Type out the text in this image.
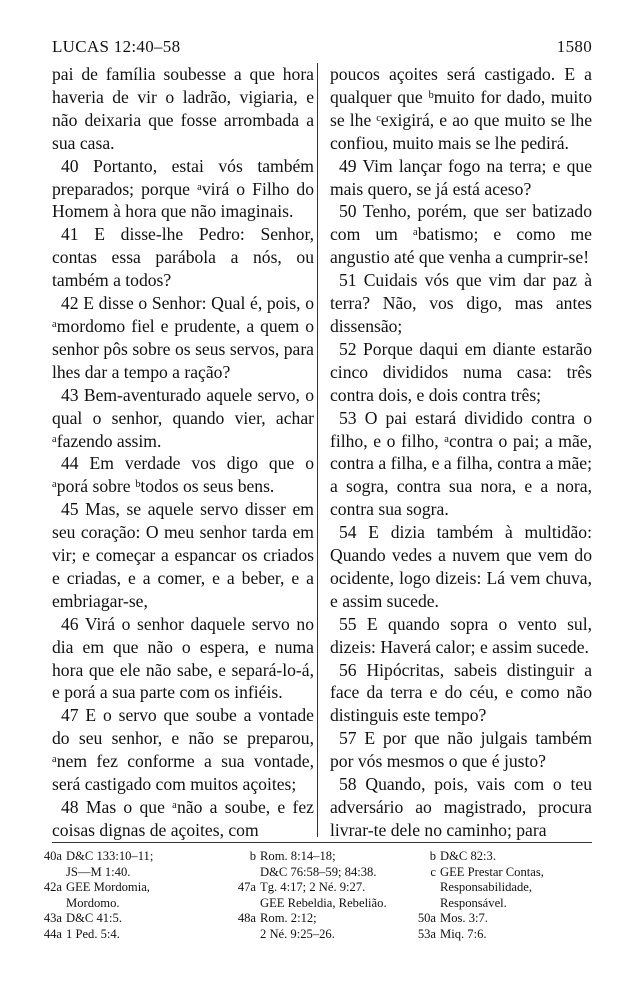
LUCAS 12:40–58	1580

pai de família soubesse a que hora haveria de vir o ladrão, vigiaria, e não deixaria que fosse arrombada a sua casa.

40 Portanto, estai vós também preparados; porque ᵃvirá o Filho do Homem à hora que não imaginais.

41 E disse-lhe Pedro: Senhor, contas essa parábola a nós, ou também a todos?

42 E disse o Senhor: Qual é, pois, o ᵃmordomo fiel e prudente, a quem o senhor pôs sobre os seus servos, para lhes dar a tempo a ração?

43 Bem-aventurado aquele servo, o qual o senhor, quando vier, achar ᵃfazendo assim.

44 Em verdade vos digo que o ᵃporá sobre ᵇtodos os seus bens.

45 Mas, se aquele servo disser em seu coração: O meu senhor tarda em vir; e começar a espancar os criados e criadas, e a comer, e a beber, e a embriagar-se,

46 Virá o senhor daquele servo no dia em que não o espera, e numa hora que ele não sabe, e separá-lo-á, e porá a sua parte com os infiéis.

47 E o servo que soube a vontade do seu senhor, e não se preparou, ᵃnem fez conforme a sua vontade, será castigado com muitos açoites;

48 Mas o que ᵃnão a soube, e fez coisas dignas de açoites, com

poucos açoites será castigado. E a qualquer que ᵇmuito for dado, muito se lhe ᶜexigirá, e ao que muito se lhe confiou, muito mais se lhe pedirá.

49 Vim lançar fogo na terra; e que mais quero, se já está aceso?

50 Tenho, porém, que ser batizado com um ᵃbatismo; e como me angustio até que venha a cumprir-se!

51 Cuidais vós que vim dar paz à terra? Não, vos digo, mas antes dissensão;

52 Porque daqui em diante estarão cinco divididos numa casa: três contra dois, e dois contra três;

53 O pai estará dividido contra o filho, e o filho, ᵃcontra o pai; a mãe, contra a filha, e a filha, contra a mãe; a sogra, contra sua nora, e a nora, contra sua sogra.

54 E dizia também à multidão: Quando vedes a nuvem que vem do ocidente, logo dizeis: Lá vem chuva, e assim sucede.

55 E quando sopra o vento sul, dizeis: Haverá calor; e assim sucede.

56 Hipócritas, sabeis distinguir a face da terra e do céu, e como não distinguis este tempo?

57 E por que não julgais também por vós mesmos o que é justo?

58 Quando, pois, vais com o teu adversário ao magistrado, procura livrar-te dele no caminho; para

40a D&C 133:10–11;
JS—M 1:40.
42a GEE Mordomia,
Mordomo.
43a D&C 41:5.
44a 1 Ped. 5:4.
b Rom. 8:14–18;
D&C 76:58–59; 84:38.
47a Tg. 4:17; 2 Né. 9:27.
GEE Rebeldia, Rebelião.
48a Rom. 2:12;
2 Né. 9:25–26.
b D&C 82:3.
c GEE Prestar Contas,
Responsabilidade,
Responsável.
50a Mos. 3:7.
53a Miq. 7:6.
